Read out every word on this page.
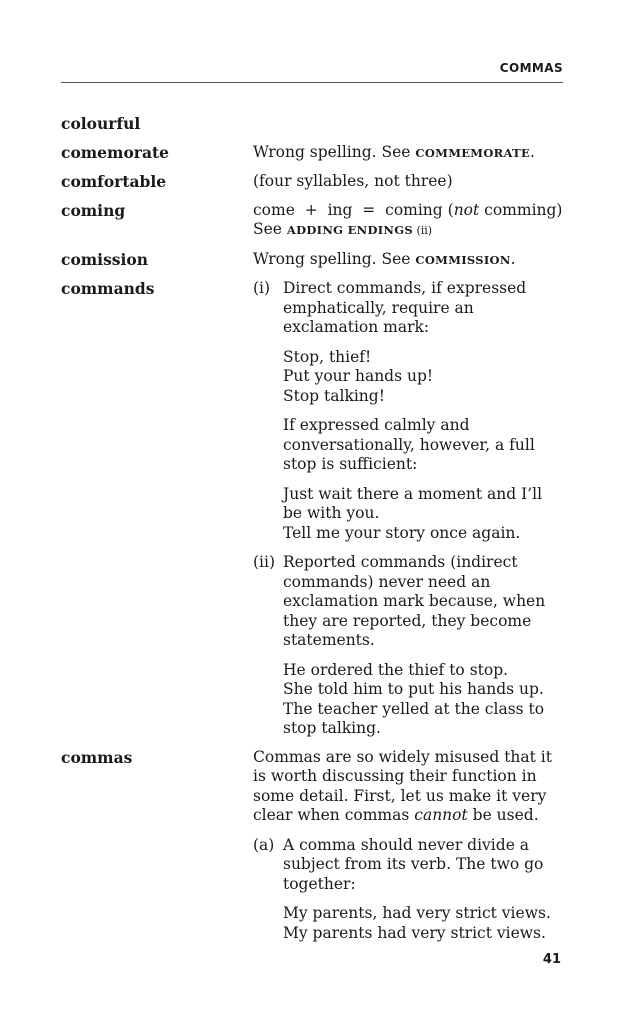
COMMAS
colourful
comemorate	Wrong spelling. See COMMEMORATE.
comfortable	(four syllables, not three)
coming	come  +  ing  =  coming (not comming)
See ADDING ENDINGS (ii)
comission	Wrong spelling. See COMMISSION.
commands	(i) Direct commands, if expressed emphatically, require an exclamation mark:
Stop, thief!
Put your hands up!
Stop talking!
If expressed calmly and conversationally, however, a full stop is sufficient:
Just wait there a moment and I’ll be with you.
Tell me your story once again.
(ii) Reported commands (indirect commands) never need an exclamation mark because, when they are reported, they become statements.
He ordered the thief to stop.
She told him to put his hands up.
The teacher yelled at the class to stop talking.
commas	Commas are so widely misused that it is worth discussing their function in some detail. First, let us make it very clear when commas cannot be used.
(a) A comma should never divide a subject from its verb. The two go together:
My parents, had very strict views.
My parents had very strict views.
41
